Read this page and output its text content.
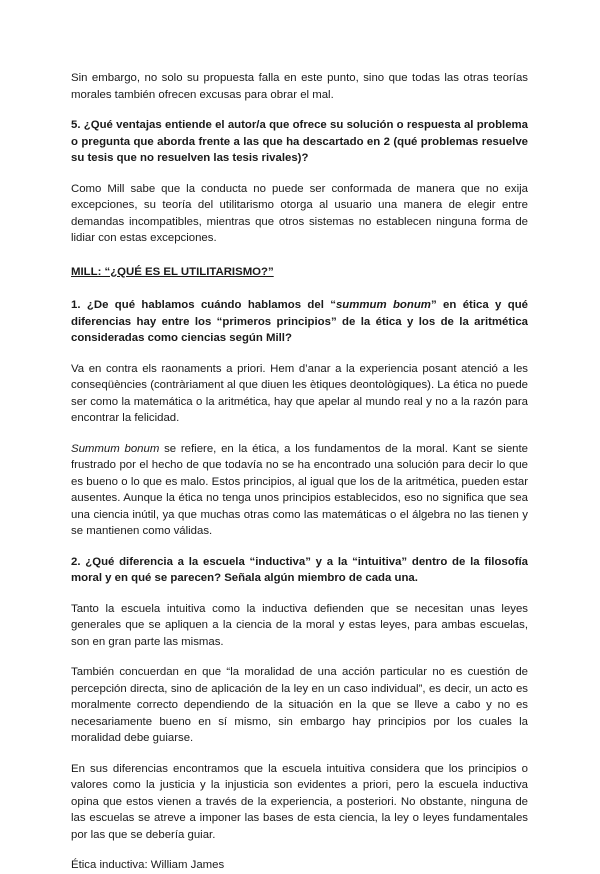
Sin embargo, no solo su propuesta falla en este punto, sino que todas las otras teorías morales también ofrecen excusas para obrar el mal.

5. ¿Qué ventajas entiende el autor/a que ofrece su solución o respuesta al problema o pregunta que aborda frente a las que ha descartado en 2 (qué problemas resuelve su tesis que no resuelven las tesis rivales)?

Como Mill sabe que la conducta no puede ser conformada de manera que no exija excepciones, su teoría del utilitarismo otorga al usuario una manera de elegir entre demandas incompatibles, mientras que otros sistemas no establecen ninguna forma de lidiar con estas excepciones.

MILL: “¿QUÉ ES EL UTILITARISMO?”

1. ¿De qué hablamos cuándo hablamos del “summum bonum” en ética y qué diferencias hay entre los “primeros principios” de la ética y los de la aritmética consideradas como ciencias según Mill?

Va en contra els raonaments a priori. Hem d’anar a la experiencia posant atenció a les conseqüències (contràriament al que diuen les ètiques deontològiques). La ética no puede ser como la matemática o la aritmética, hay que apelar al mundo real y no a la razón para encontrar la felicidad.

Summum bonum se refiere, en la ética, a los fundamentos de la moral. Kant se siente frustrado por el hecho de que todavía no se ha encontrado una solución para decir lo que es bueno o lo que es malo. Estos principios, al igual que los de la aritmética, pueden estar ausentes. Aunque la ética no tenga unos principios establecidos, eso no significa que sea una ciencia inútil, ya que muchas otras como las matemáticas o el álgebra no las tienen y se mantienen como válidas.

2. ¿Qué diferencia a la escuela “inductiva” y a la “intuitiva” dentro de la filosofía moral y en qué se parecen? Señala algún miembro de cada una.

Tanto la escuela intuitiva como la inductiva defienden que se necesitan unas leyes generales que se apliquen a la ciencia de la moral y estas leyes, para ambas escuelas, son en gran parte las mismas.

También concuerdan en que “la moralidad de una acción particular no es cuestión de percepción directa, sino de aplicación de la ley en un caso individual”, es decir, un acto es moralmente correcto dependiendo de la situación en la que se lleve a cabo y no es necesariamente bueno en sí mismo, sin embargo hay principios por los cuales la moralidad debe guiarse.

En sus diferencias encontramos que la escuela intuitiva considera que los principios o valores como la justicia y la injusticia son evidentes a priori, pero la escuela inductiva opina que estos vienen a través de la experiencia, a posteriori. No obstante, ninguna de las escuelas se atreve a imponer las bases de esta ciencia, la ley o leyes fundamentales por las que se debería guiar.

Ética inductiva: William James
